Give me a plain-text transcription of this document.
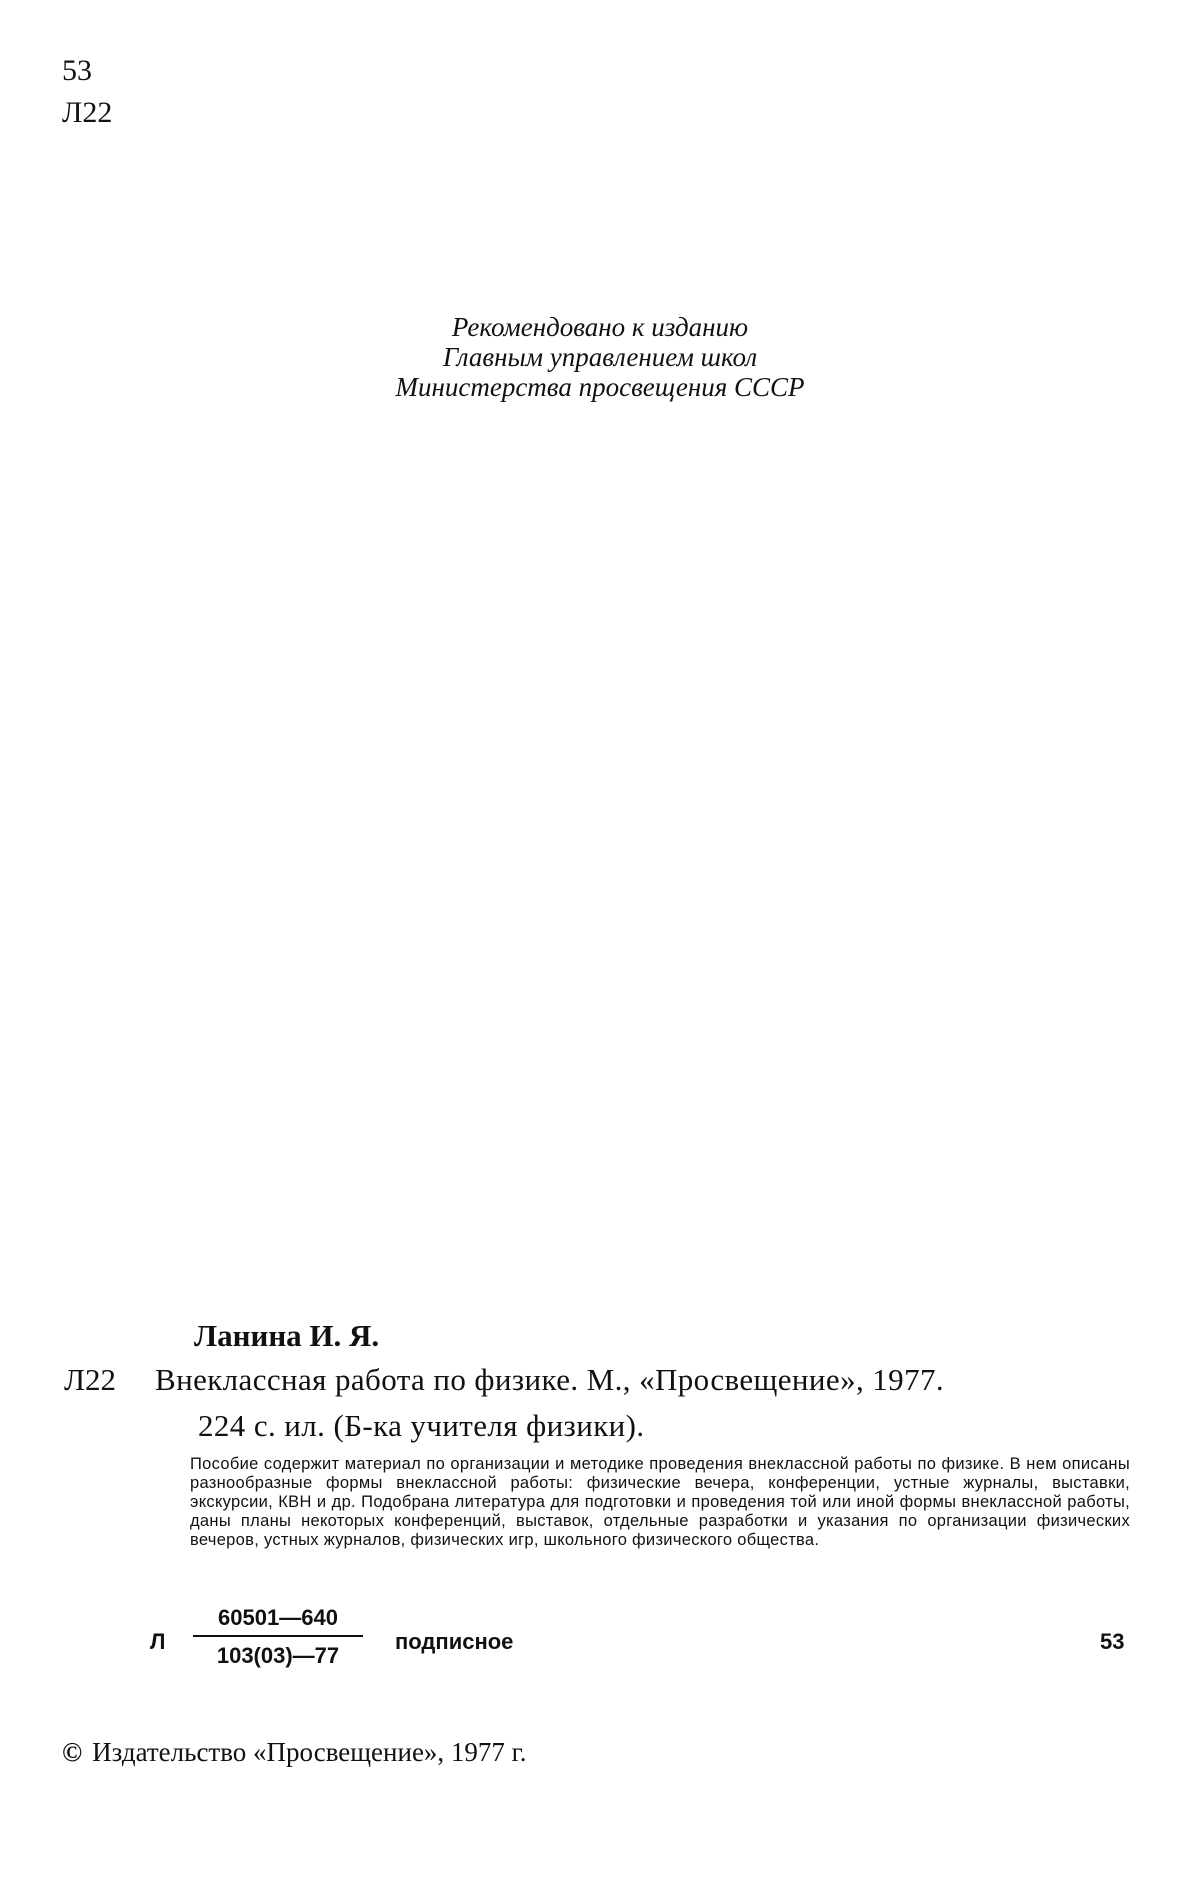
53
Л22
Рекомендовано к изданию
Главным управлением школ
Министерства просвещения СССР
Ланина И. Я.
Л22 Внеклассная работа по физике. М., «Просвещение», 1977.
224 с. ил. (Б-ка учителя физики).
Пособие содержит материал по организации и методике проведения внеклассной работы по физике. В нем описаны разнообразные формы внеклассной работы: физические вечера, конференции, устные журналы, выставки, экскурсии, КВН и др. Подобрана литература для подготовки и проведения той или иной формы внеклассной работы, даны планы некоторых конференций, выставок, отдельные разработки и указания по организации физических вечеров, устных журналов, физических игр, школьного физического общества.
Л $\frac{60501—640}{103(03)—77}$ подписное	53
© Издательство «Просвещение», 1977 г.
